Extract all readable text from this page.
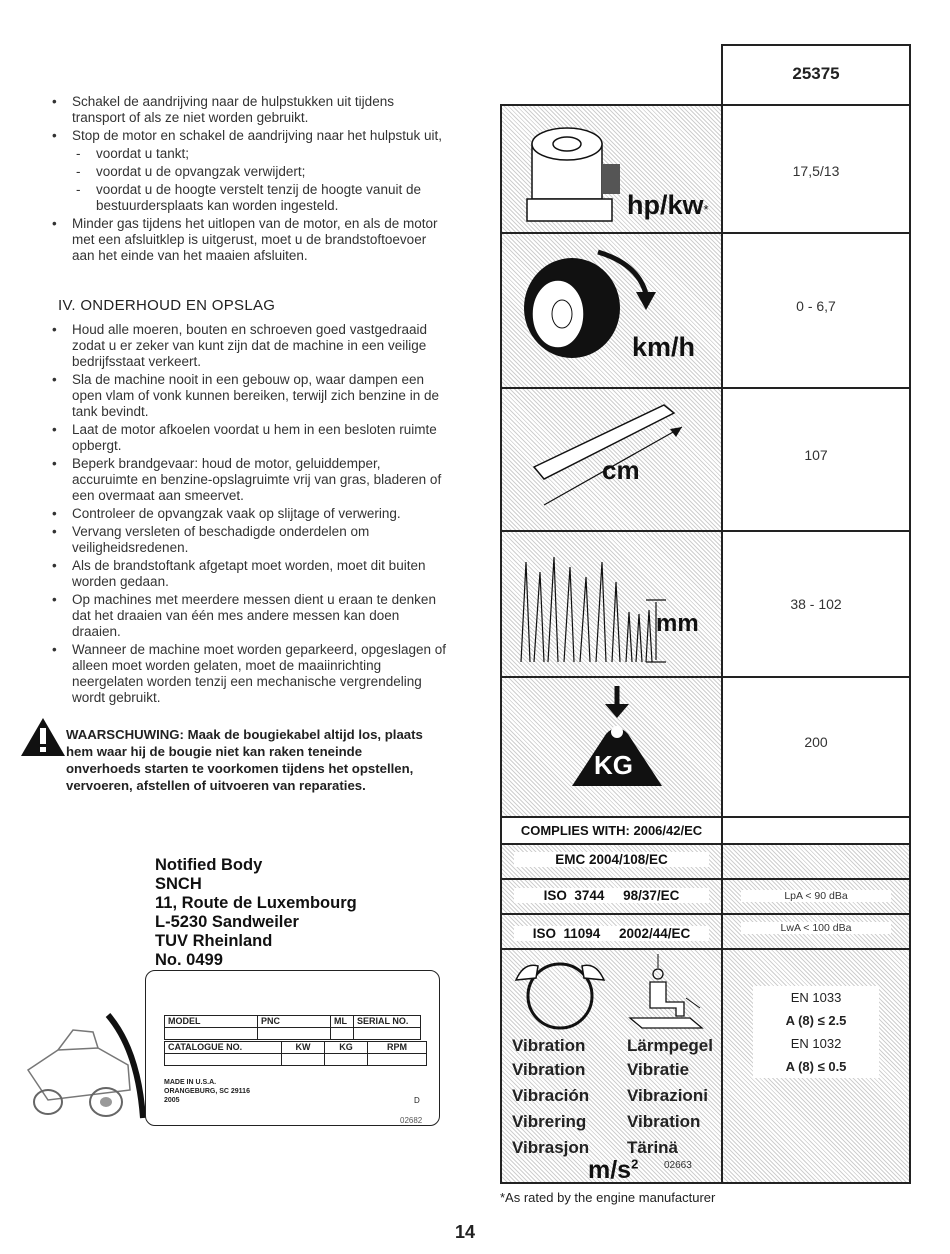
• Schakel de aandrijving naar de hulpstukken uit tijdens transport of als ze niet worden gebruikt.
• Stop de motor en schakel de aandrijving naar het hulpstuk uit,
- voordat u tankt;
- voordat u de opvangzak verwijdert;
- voordat u de hoogte verstelt tenzij de hoogte vanuit de bestuurdersplaats kan worden ingesteld.
• Minder gas tijdens het uitlopen van de motor, en als de motor met een afsluitklep is uitgerust, moet u de brandstoftoevoer aan het einde van het maaien afsluiten.
IV. ONDERHOUD EN OPSLAG
• Houd alle moeren, bouten en schroeven goed vastgedraaid zodat u er zeker van kunt zijn dat de machine in een veilige bedrijfsstaat verkeert.
• Sla de machine nooit in een gebouw op, waar dampen een open vlam of vonk kunnen bereiken, terwijl zich benzine in de tank bevindt.
• Laat de motor afkoelen voordat u hem in een besloten ruimte opbergt.
• Beperk brandgevaar: houd de motor, geluiddemper, accuruimte en benzine-opslagruimte vrij van gras, bladeren of een overmaat aan smeervet.
• Controleer de opvangzak vaak op slijtage of verwering.
• Vervang versleten of beschadigde onderdelen om veiligheidsredenen.
• Als de brandstoftank afgetapt moet worden, moet dit buiten worden gedaan.
• Op machines met meerdere messen dient u eraan te denken dat het draaien van één mes andere messen kan doen draaien.
• Wanneer de machine moet worden geparkeerd, opgeslagen of alleen moet worden gelaten, moet de maaiinrichting neergelaten worden tenzij een mechanische vergrendeling wordt gebruikt.
WAARSCHUWING: Maak de bougiekabel altijd los, plaats hem waar hij de bougie niet kan raken teneinde onverhoeds starten te voorkomen tijdens het opstellen, vervoeren, afstellen of uitvoeren van reparaties.
Notified Body
SNCH
11, Route de Luxembourg
L-5230 Sandweiler
TUV Rheinland
No. 0499
MODEL	PNC	ML	SERIAL NO.

CATALOGUE NO.	KW	KG	RPM

MADE IN U.S.A.
ORANGEBURG, SC 29116
2005	D
02682
25375
hp/kw*
17,5/13
km/h
0 - 6,7
cm	107
mm
38 - 102
KG
200
COMPLIES WITH: 2006/42/EC
EMC 2004/108/EC
ISO  3744     98/37/EC	LpA < 90 dBa
ISO  11094     2002/44/EC	LwA < 100 dBa
Vibration Lärmpegel
Vibration Vibratie
Vibración Vibrazioni
Vibrering Vibration
Vibrasjon Tärinä
$m/s^2$	02663
EN 1033
A (8) ≤ 2.5
EN 1032
A (8) ≤ 0.5
*As rated by the engine manufacturer
14
